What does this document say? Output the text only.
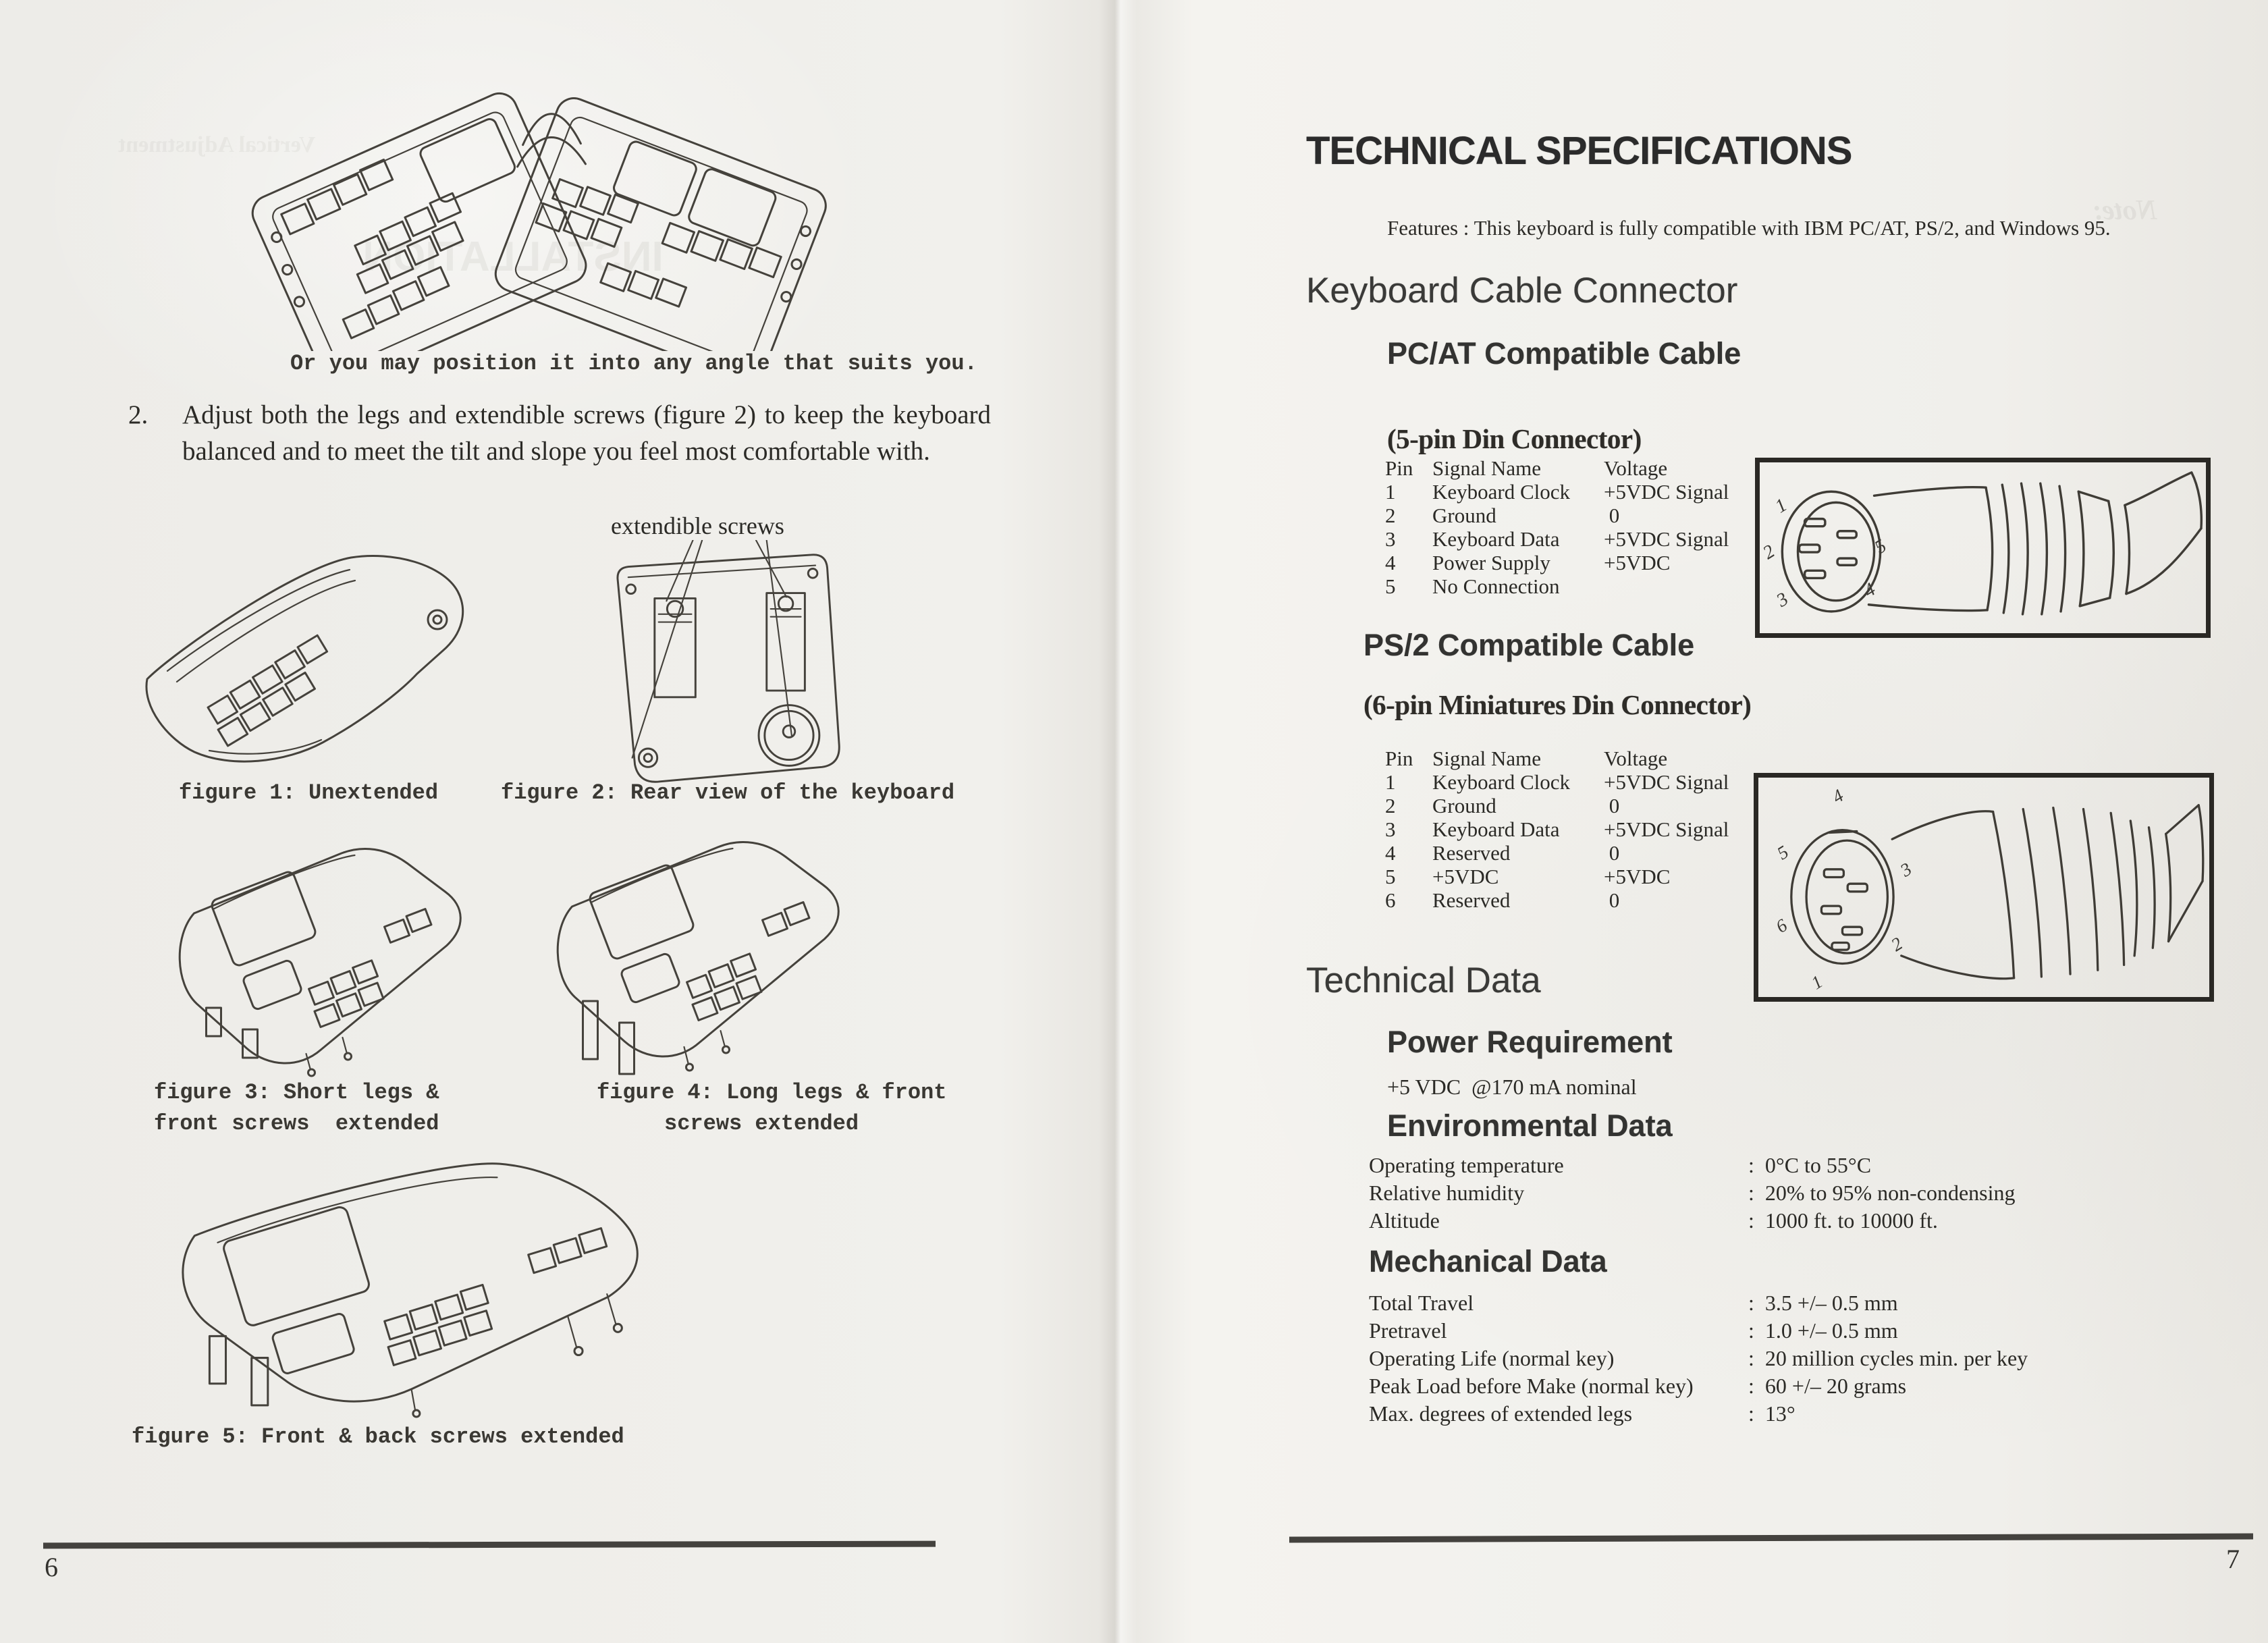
Vertical Adjustment
INSTALLATION
Or you may position it into any angle that suits you.
2. Adjust both the legs and extendible screws (figure 2) to keep the keyboard balanced and to meet the tilt and slope you feel most comfortable with.
extendible screws
figure 1: Unextended	figure 2: Rear view of the keyboard
figure 3: Short legs &
front screws  extended
figure 4: Long legs & front
screws extended
figure 5: Front & back screws extended
6
Note:
TECHNICAL SPECIFICATIONS
Features : This keyboard is fully compatible with IBM PC/AT, PS/2, and Windows 95.
Keyboard Cable Connector
PC/AT Compatible Cable
(5-pin Din Connector)
Pin Signal Name	Voltage
1	Keyboard Clock	+5VDC Signal
2	Ground	0
3	Keyboard Data	+5VDC Signal
4	Power Supply	+5VDC
5	No Connection
1
2
3
5
4
PS/2 Compatible Cable
(6-pin Miniatures Din Connector)
Pin Signal Name	Voltage
1	Keyboard Clock	+5VDC Signal
2	Ground	0
3	Keyboard Data	+5VDC Signal
4	Reserved	0
5	+5VDC	+5VDC
6	Reserved	0
4
5
3
6
2
1
Technical Data
Power Requirement
+5 VDC  @170 mA nominal
Environmental Data
Operating temperature	:  0°C to 55°C
Relative humidity	:  20% to 95% non-condensing
Altitude	:  1000 ft. to 10000 ft.
Mechanical Data
Total Travel	:  3.5 +/– 0.5 mm
Pretravel	:  1.0 +/– 0.5 mm
Operating Life (normal key)	:  20 million cycles min. per key
Peak Load before Make (normal key)	:  60 +/– 20 grams
Max. degrees of extended legs	:  13°
7
